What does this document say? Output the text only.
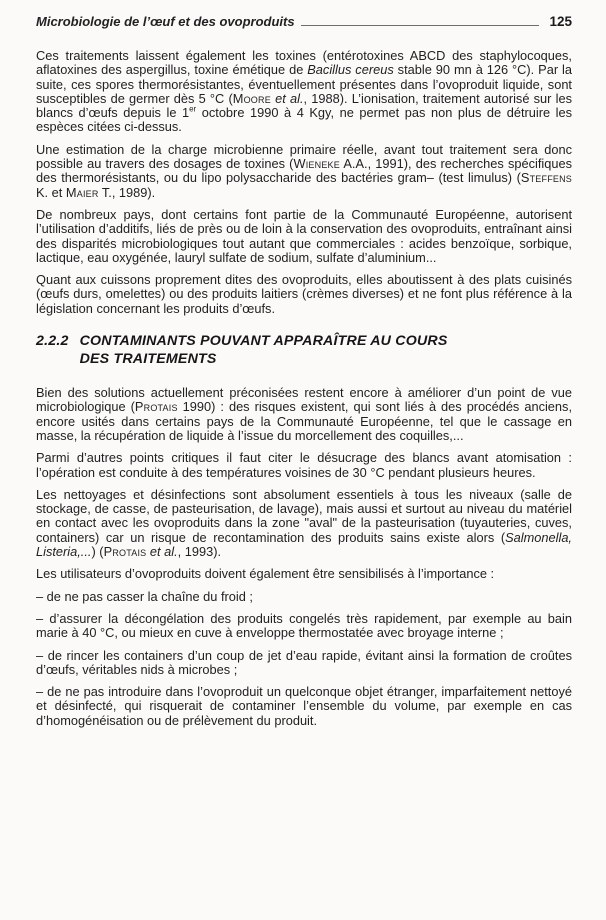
Microbiologie de l’œuf et des ovoproduits	125

Ces traitements laissent également les toxines (entérotoxines ABCD des staphylocoques, aflatoxines des aspergillus, toxine émétique de Bacillus cereus stable 90 mn à 126 °C). Par la suite, ces spores thermorésistantes, éventuellement présentes dans l’ovoproduit liquide, sont susceptibles de germer dès 5 °C (Moore et al., 1988). L’ionisation, traitement autorisé sur les blancs d’œufs depuis le 1er octobre 1990 à 4 Kgy, ne permet pas non plus de détruire les espèces citées ci-dessus.

Une estimation de la charge microbienne primaire réelle, avant tout traitement sera donc possible au travers des dosages de toxines (Wieneke A.A., 1991), des recherches spécifiques des thermorésistants, ou du lipo polysaccharide des bactéries gram– (test limulus) (Steffens K. et Maier T., 1989).

De nombreux pays, dont certains font partie de la Communauté Européenne, autorisent l’utilisation d’additifs, liés de près ou de loin à la conservation des ovoproduits, entraînant ainsi des disparités microbiologiques tout autant que commerciales : acides benzoïque, sorbique, lactique, eau oxygénée, lauryl sulfate de sodium, sulfate d’aluminium...

Quant aux cuissons proprement dites des ovoproduits, elles aboutissent à des plats cuisinés (œufs durs, omelettes) ou des produits laitiers (crèmes diverses) et ne font plus référence à la législation concernant les produits d’œufs.

2.2.2 CONTAMINANTS POUVANT APPARAÎTRE AU COURS
DES TRAITEMENTS

Bien des solutions actuellement préconisées restent encore à améliorer d’un point de vue microbiologique (Protais 1990) : des risques existent, qui sont liés à des procédés anciens, encore usités dans certains pays de la Communauté Européenne, tel que le cassage en masse, la récupération de liquide à l’issue du morcellement des coquilles,...

Parmi d’autres points critiques il faut citer le désucrage des blancs avant atomisation : l’opération est conduite à des températures voisines de 30 °C pendant plusieurs heures.

Les nettoyages et désinfections sont absolument essentiels à tous les niveaux (salle de stockage, de casse, de pasteurisation, de lavage), mais aussi et surtout au niveau du matériel en contact avec les ovoproduits dans la zone "aval" de la pasteurisation (tuyauteries, cuves, containers) car un risque de recontamination des produits sains existe alors (Salmonella, Listeria,...) (Protais et al., 1993).

Les utilisateurs d’ovoproduits doivent également être sensibilisés à l’importance :

– de ne pas casser la chaîne du froid ;

– d’assurer la décongélation des produits congelés très rapidement, par exemple au bain marie à 40 °C, ou mieux en cuve à enveloppe thermostatée avec broyage interne ;

– de rincer les containers d’un coup de jet d’eau rapide, évitant ainsi la formation de croûtes d’œufs, véritables nids à microbes ;

– de ne pas introduire dans l’ovoproduit un quelconque objet étranger, imparfaitement nettoyé et désinfecté, qui risquerait de contaminer l’ensemble du volume, par exemple en cas d’homogénéisation ou de prélèvement du produit.
